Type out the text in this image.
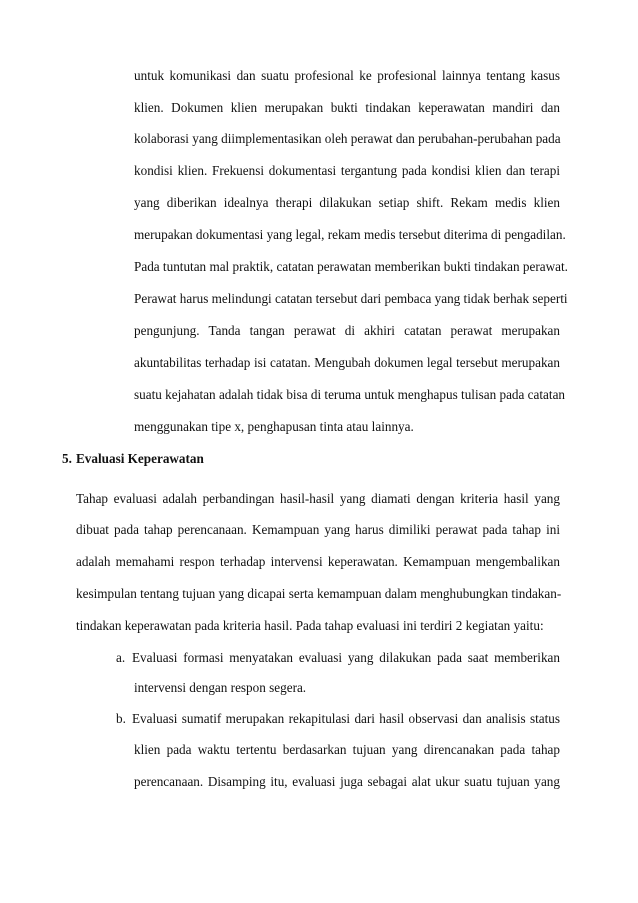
untuk komunikasi dan suatu profesional ke profesional lainnya tentang kasus

klien. Dokumen klien merupakan bukti tindakan keperawatan mandiri dan

kolaborasi yang diimplementasikan oleh perawat dan perubahan-perubahan pada

kondisi klien. Frekuensi dokumentasi tergantung pada kondisi klien dan terapi

yang diberikan idealnya therapi dilakukan setiap shift. Rekam medis klien

merupakan dokumentasi yang legal, rekam medis tersebut diterima di pengadilan.

Pada tuntutan mal praktik, catatan perawatan memberikan bukti tindakan perawat.

Perawat harus melindungi catatan tersebut dari pembaca yang tidak berhak seperti

pengunjung. Tanda tangan perawat di akhiri catatan perawat merupakan

akuntabilitas terhadap isi catatan. Mengubah dokumen legal tersebut merupakan

suatu kejahatan adalah tidak bisa di teruma untuk menghapus tulisan pada catatan

menggunakan tipe x, penghapusan tinta atau lainnya.

5. Evaluasi Keperawatan

Tahap evaluasi adalah perbandingan hasil-hasil yang diamati dengan kriteria hasil yang

dibuat pada tahap perencanaan. Kemampuan yang harus dimiliki perawat pada tahap ini

adalah memahami respon terhadap intervensi keperawatan. Kemampuan mengembalikan

kesimpulan tentang tujuan yang dicapai serta kemampuan dalam menghubungkan tindakan-

tindakan keperawatan pada kriteria hasil. Pada tahap evaluasi ini terdiri 2 kegiatan yaitu:

a. Evaluasi formasi menyatakan evaluasi yang dilakukan pada saat memberikan

intervensi dengan respon segera.

b. Evaluasi sumatif merupakan rekapitulasi dari hasil observasi dan analisis status

klien pada waktu tertentu berdasarkan tujuan yang direncanakan pada tahap

perencanaan. Disamping itu, evaluasi juga sebagai alat ukur suatu tujuan yang
